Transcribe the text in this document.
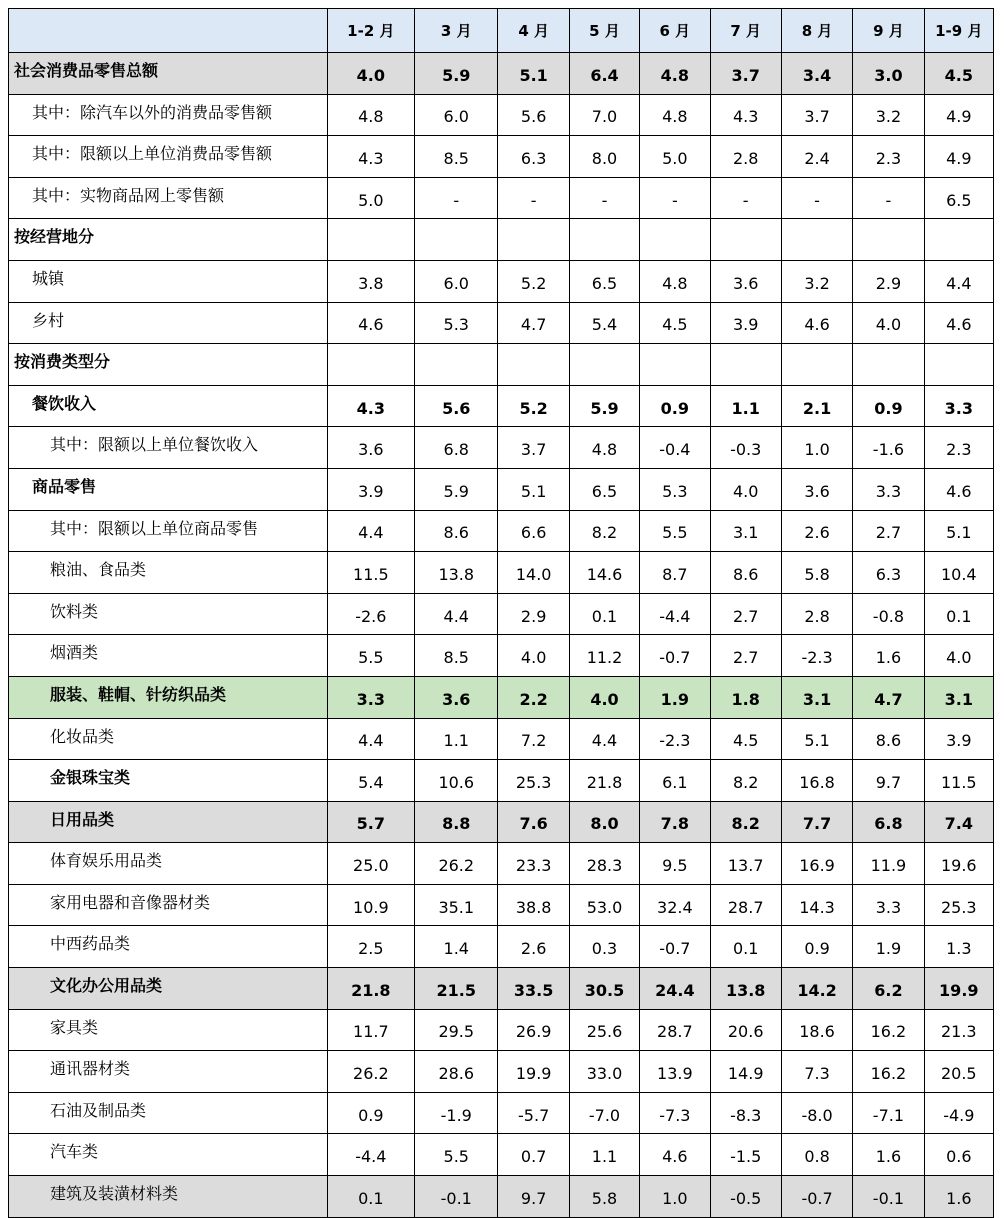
	1-2 月	3 月	4 月	5 月	6 月	7 月	8 月	9 月	1-9 月
社会消费品零售总额	4.0	5.9	5.1	6.4	4.8	3.7	3.4	3.0	4.5
其中：除汽车以外的消费品零售额	4.8	6.0	5.6	7.0	4.8	4.3	3.7	3.2	4.9
其中：限额以上单位消费品零售额	4.3	8.5	6.3	8.0	5.0	2.8	2.4	2.3	4.9
其中：实物商品网上零售额	5.0	-	-	-	-	-	-	-	6.5
按经营地分									
城镇	3.8	6.0	5.2	6.5	4.8	3.6	3.2	2.9	4.4
乡村	4.6	5.3	4.7	5.4	4.5	3.9	4.6	4.0	4.6
按消费类型分									
餐饮收入	4.3	5.6	5.2	5.9	0.9	1.1	2.1	0.9	3.3
其中：限额以上单位餐饮收入	3.6	6.8	3.7	4.8	-0.4	-0.3	1.0	-1.6	2.3
商品零售	3.9	5.9	5.1	6.5	5.3	4.0	3.6	3.3	4.6
其中：限额以上单位商品零售	4.4	8.6	6.6	8.2	5.5	3.1	2.6	2.7	5.1
粮油、食品类	11.5	13.8	14.0	14.6	8.7	8.6	5.8	6.3	10.4
饮料类	-2.6	4.4	2.9	0.1	-4.4	2.7	2.8	-0.8	0.1
烟酒类	5.5	8.5	4.0	11.2	-0.7	2.7	-2.3	1.6	4.0
服装、鞋帽、针纺织品类	3.3	3.6	2.2	4.0	1.9	1.8	3.1	4.7	3.1
化妆品类	4.4	1.1	7.2	4.4	-2.3	4.5	5.1	8.6	3.9
金银珠宝类	5.4	10.6	25.3	21.8	6.1	8.2	16.8	9.7	11.5
日用品类	5.7	8.8	7.6	8.0	7.8	8.2	7.7	6.8	7.4
体育娱乐用品类	25.0	26.2	23.3	28.3	9.5	13.7	16.9	11.9	19.6
家用电器和音像器材类	10.9	35.1	38.8	53.0	32.4	28.7	14.3	3.3	25.3
中西药品类	2.5	1.4	2.6	0.3	-0.7	0.1	0.9	1.9	1.3
文化办公用品类	21.8	21.5	33.5	30.5	24.4	13.8	14.2	6.2	19.9
家具类	11.7	29.5	26.9	25.6	28.7	20.6	18.6	16.2	21.3
通讯器材类	26.2	28.6	19.9	33.0	13.9	14.9	7.3	16.2	20.5
石油及制品类	0.9	-1.9	-5.7	-7.0	-7.3	-8.3	-8.0	-7.1	-4.9
汽车类	-4.4	5.5	0.7	1.1	4.6	-1.5	0.8	1.6	0.6
建筑及装潢材料类	0.1	-0.1	9.7	5.8	1.0	-0.5	-0.7	-0.1	1.6
